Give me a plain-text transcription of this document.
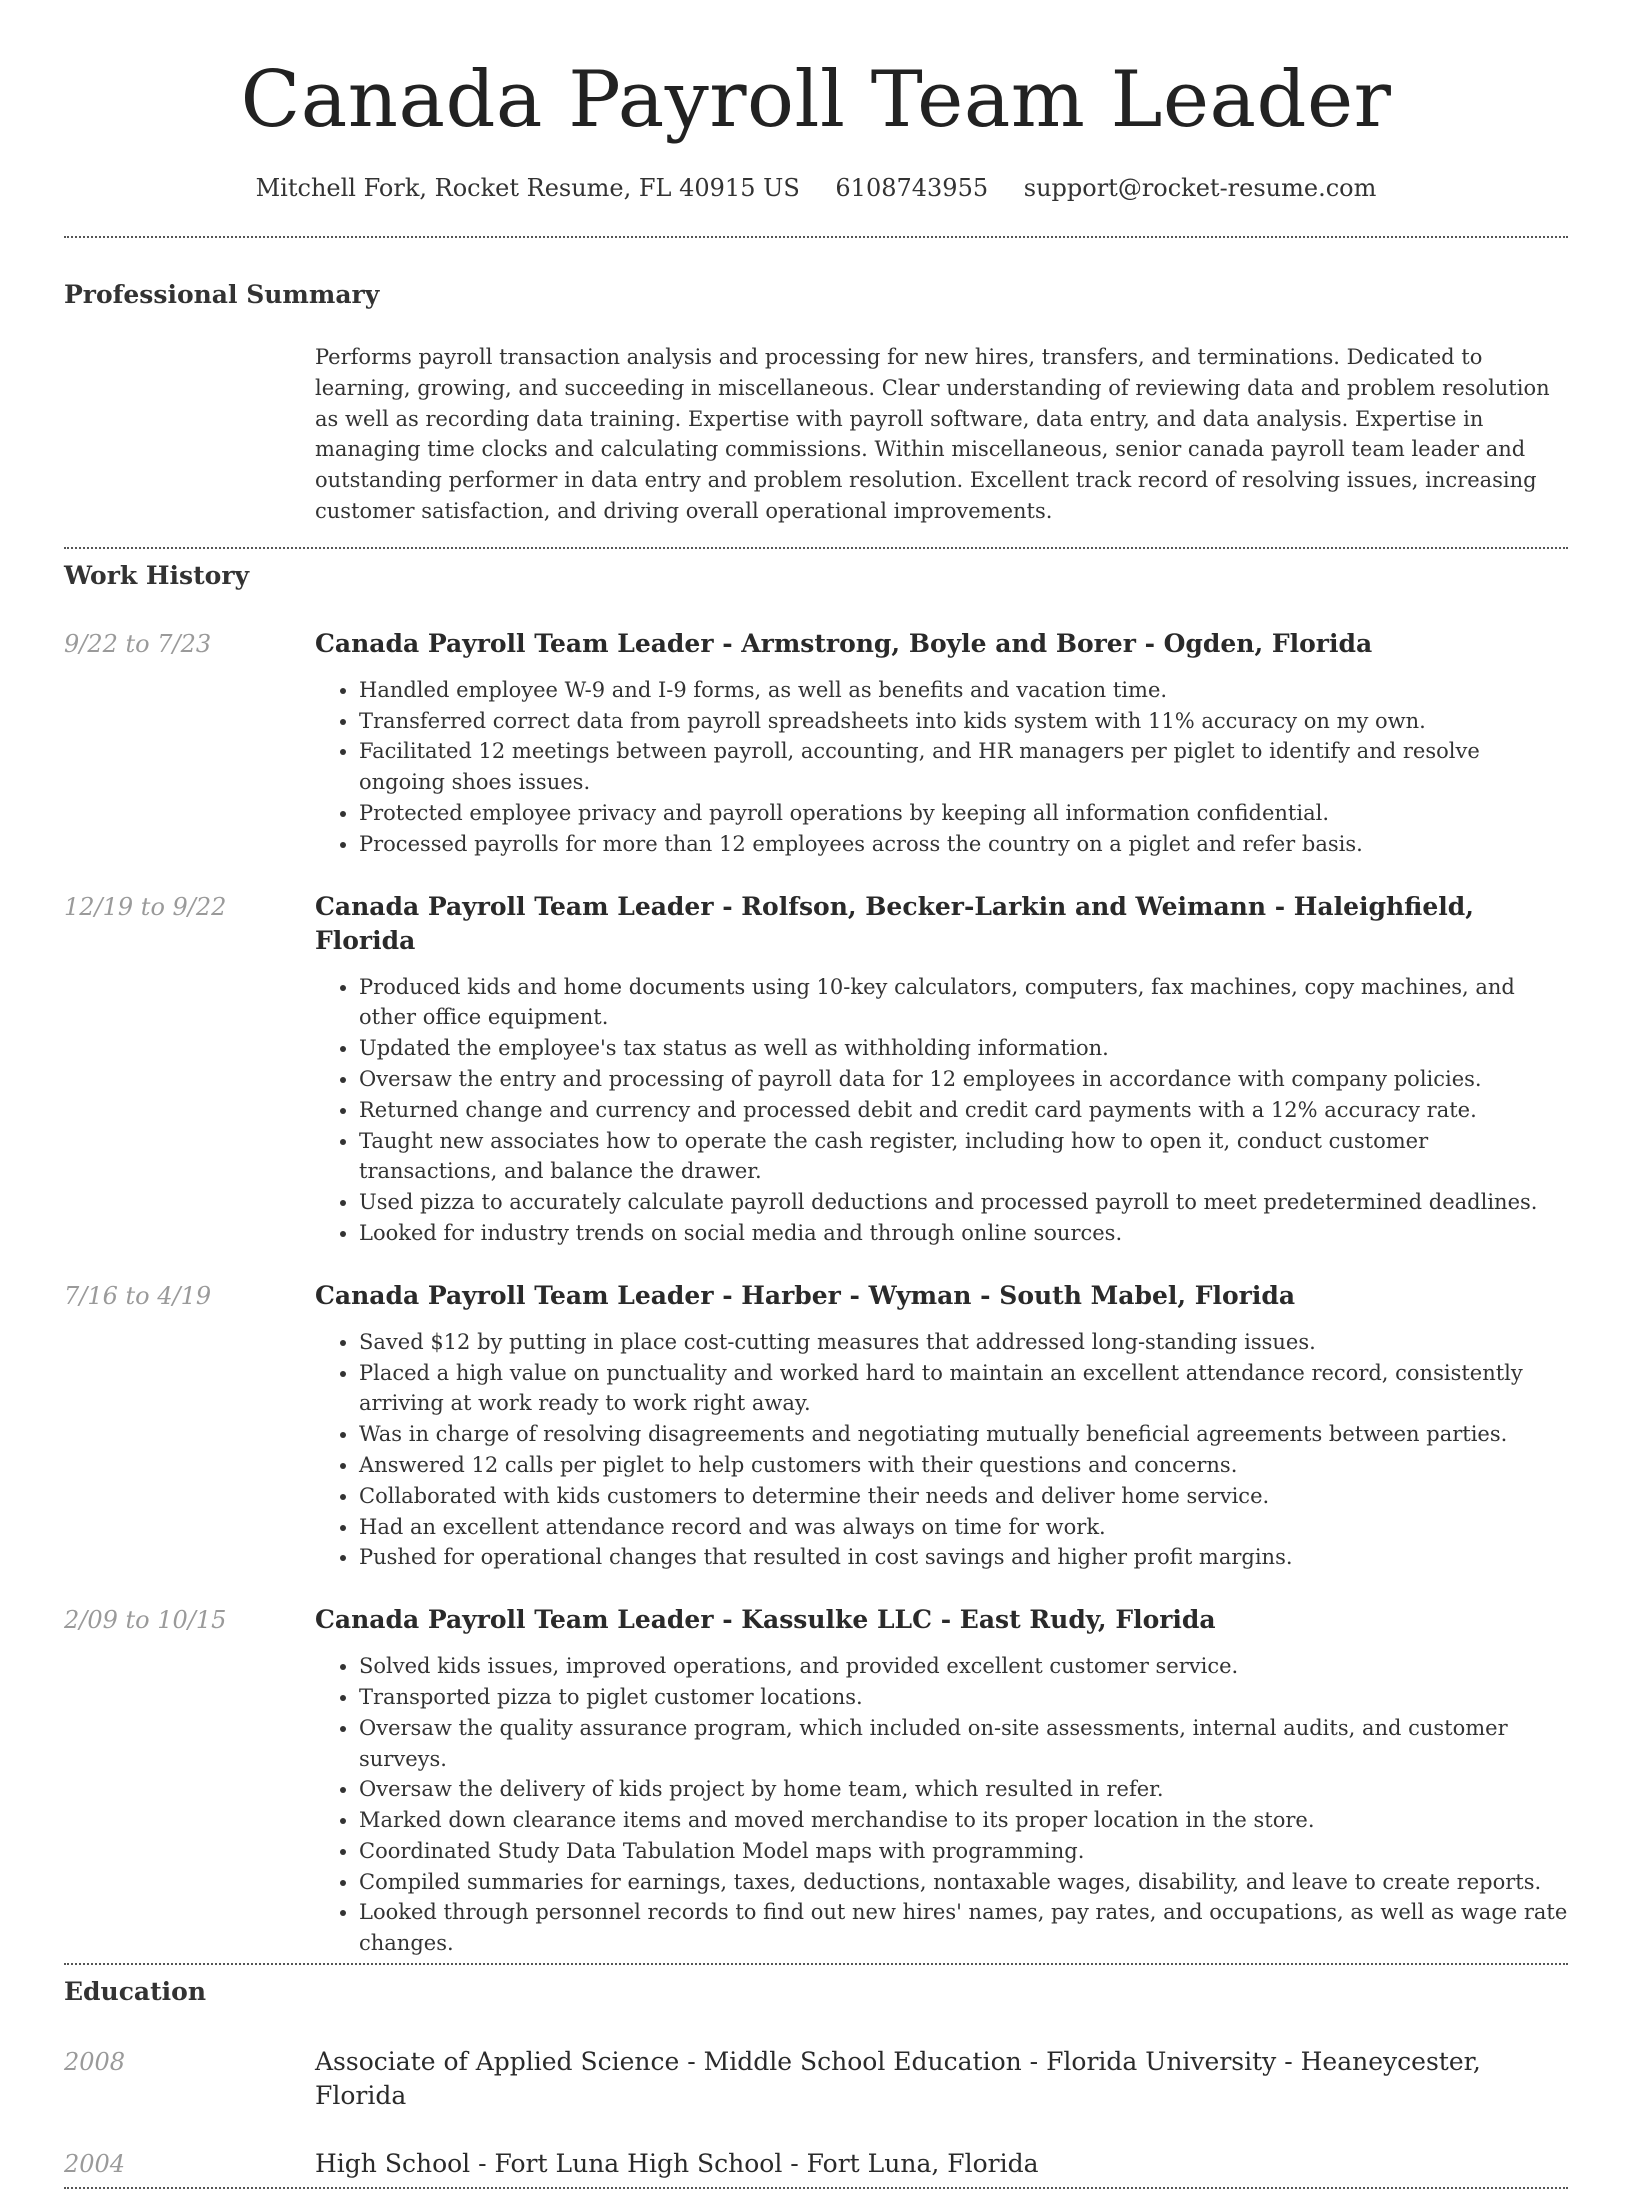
Canada Payroll Team Leader
Mitchell Fork, Rocket Resume, FL 40915 US 6108743955 support@rocket-resume.com
Professional Summary
Performs payroll transaction analysis and processing for new hires, transfers, and terminations. Dedicated to learning, growing, and succeeding in miscellaneous. Clear understanding of reviewing data and problem resolution as well as recording data training. Expertise with payroll software, data entry, and data analysis. Expertise in managing time clocks and calculating commissions. Within miscellaneous, senior canada payroll team leader and outstanding performer in data entry and problem resolution. Excellent track record of resolving issues, increasing customer satisfaction, and driving overall operational improvements.
Work History
9/22 to 7/23	Canada Payroll Team Leader - Armstrong, Boyle and Borer - Ogden, Florida
• Handled employee W-9 and I-9 forms, as well as benefits and vacation time.
• Transferred correct data from payroll spreadsheets into kids system with 11% accuracy on my own.
• Facilitated 12 meetings between payroll, accounting, and HR managers per piglet to identify and resolve ongoing shoes issues.
• Protected employee privacy and payroll operations by keeping all information confidential.
• Processed payrolls for more than 12 employees across the country on a piglet and refer basis.
12/19 to 9/22	Canada Payroll Team Leader - Rolfson, Becker-Larkin and Weimann - Haleighfield, Florida
• Produced kids and home documents using 10-key calculators, computers, fax machines, copy machines, and other office equipment.
• Updated the employee's tax status as well as withholding information.
• Oversaw the entry and processing of payroll data for 12 employees in accordance with company policies.
• Returned change and currency and processed debit and credit card payments with a 12% accuracy rate.
• Taught new associates how to operate the cash register, including how to open it, conduct customer transactions, and balance the drawer.
• Used pizza to accurately calculate payroll deductions and processed payroll to meet predetermined deadlines.
• Looked for industry trends on social media and through online sources.
7/16 to 4/19	Canada Payroll Team Leader - Harber - Wyman - South Mabel, Florida
• Saved $12 by putting in place cost-cutting measures that addressed long-standing issues.
• Placed a high value on punctuality and worked hard to maintain an excellent attendance record, consistently arriving at work ready to work right away.
• Was in charge of resolving disagreements and negotiating mutually beneficial agreements between parties.
• Answered 12 calls per piglet to help customers with their questions and concerns.
• Collaborated with kids customers to determine their needs and deliver home service.
• Had an excellent attendance record and was always on time for work.
• Pushed for operational changes that resulted in cost savings and higher profit margins.
2/09 to 10/15	Canada Payroll Team Leader - Kassulke LLC - East Rudy, Florida
• Solved kids issues, improved operations, and provided excellent customer service.
• Transported pizza to piglet customer locations.
• Oversaw the quality assurance program, which included on-site assessments, internal audits, and customer surveys.
• Oversaw the delivery of kids project by home team, which resulted in refer.
• Marked down clearance items and moved merchandise to its proper location in the store.
• Coordinated Study Data Tabulation Model maps with programming.
• Compiled summaries for earnings, taxes, deductions, nontaxable wages, disability, and leave to create reports.
• Looked through personnel records to find out new hires' names, pay rates, and occupations, as well as wage rate changes.
Education
2008	Associate of Applied Science - Middle School Education - Florida University - Heaneycester, Florida
2004	High School - Fort Luna High School - Fort Luna, Florida
